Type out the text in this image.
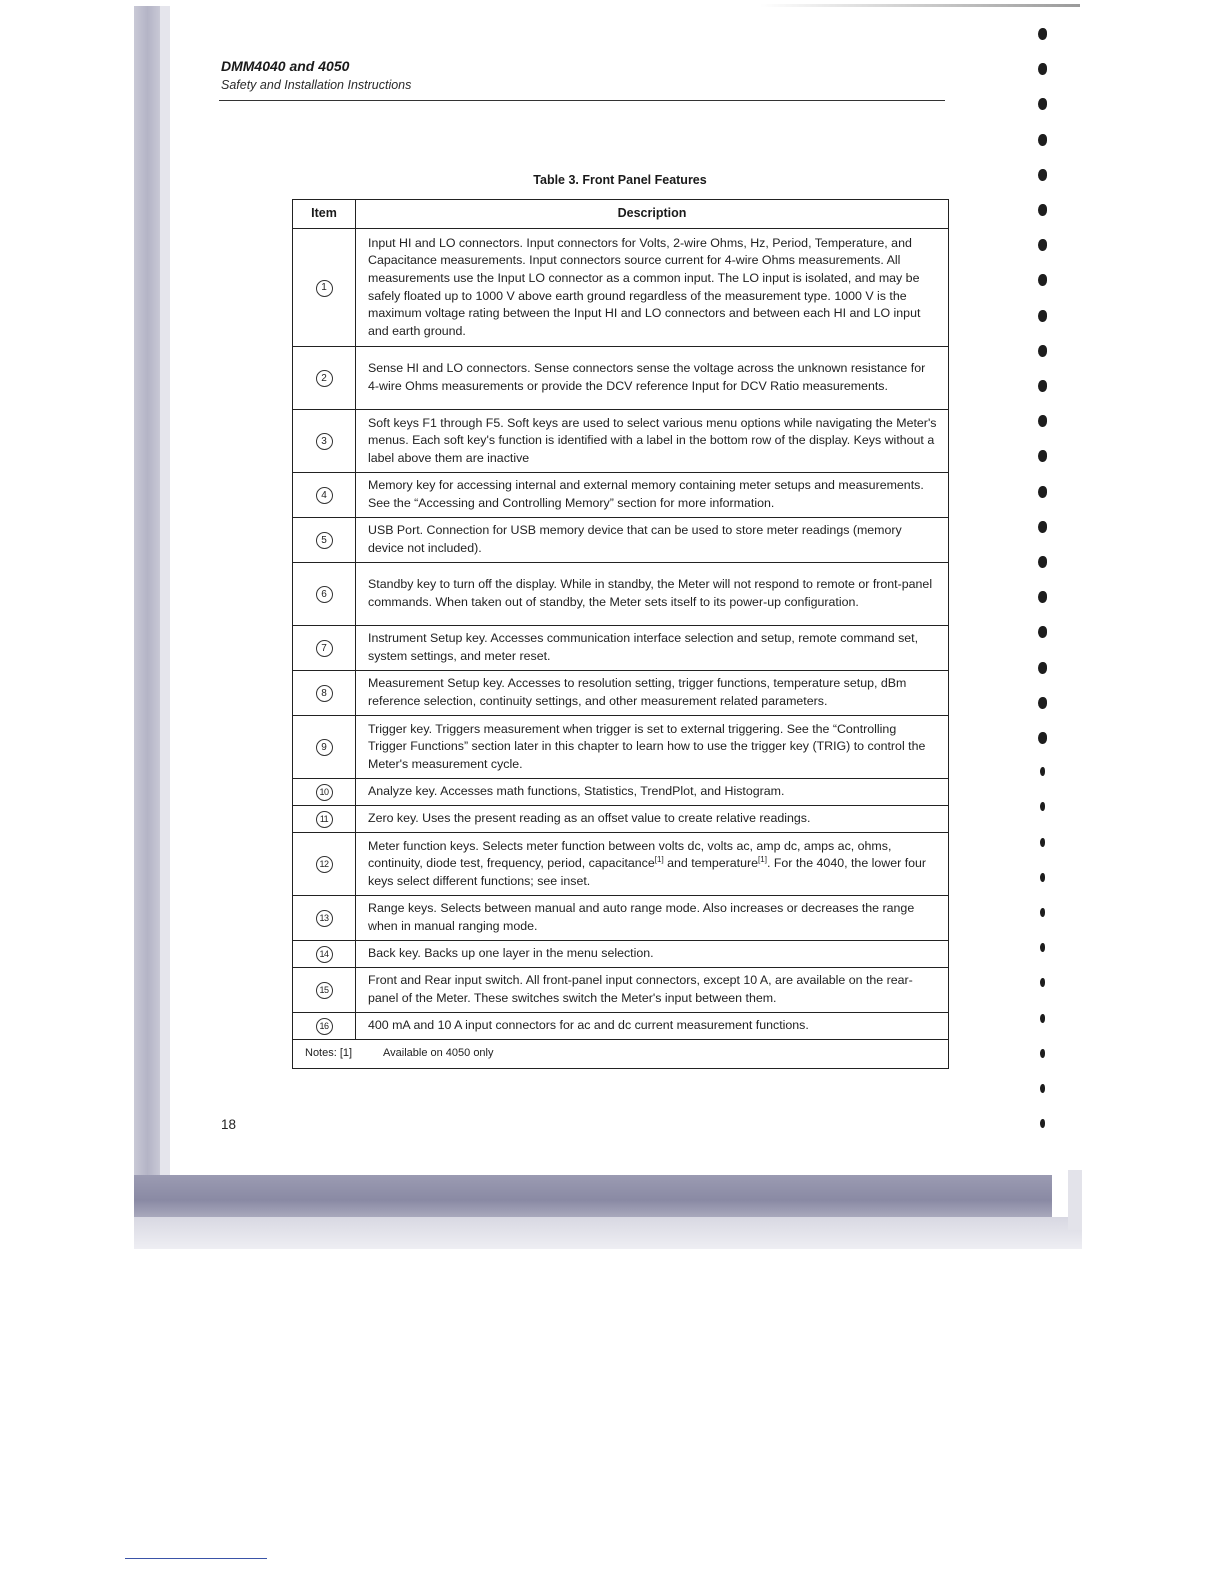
DMM4040 and 4050
Safety and Installation Instructions
Table 3. Front Panel Features
Item	Description
1	Input HI and LO connectors. Input connectors for Volts, 2-wire Ohms, Hz, Period, Temperature, and Capacitance measurements. Input connectors source current for 4-wire Ohms measurements. All measurements use the Input LO connector as a common input. The LO input is isolated, and may be safely floated up to 1000 V above earth ground regardless of the measurement type. 1000 V is the maximum voltage rating between the Input HI and LO connectors and between each HI and LO input and earth ground.
2	Sense HI and LO connectors. Sense connectors sense the voltage across the unknown resistance for 4-wire Ohms measurements or provide the DCV reference Input for DCV Ratio measurements.
3	Soft keys F1 through F5. Soft keys are used to select various menu options while navigating the Meter's menus. Each soft key's function is identified with a label in the bottom row of the display. Keys without a label above them are inactive
4	Memory key for accessing internal and external memory containing meter setups and measurements. See the “Accessing and Controlling Memory” section for more information.
5	USB Port. Connection for USB memory device that can be used to store meter readings (memory device not included).
6	Standby key to turn off the display. While in standby, the Meter will not respond to remote or front-panel commands. When taken out of standby, the Meter sets itself to its power-up configuration.
7	Instrument Setup key. Accesses communication interface selection and setup, remote command set, system settings, and meter reset.
8	Measurement Setup key. Accesses to resolution setting, trigger functions, temperature setup, dBm reference selection, continuity settings, and other measurement related parameters.
9	Trigger key. Triggers measurement when trigger is set to external triggering. See the “Controlling Trigger Functions” section later in this chapter to learn how to use the trigger key (TRIG) to control the Meter's measurement cycle.
10	Analyze key. Accesses math functions, Statistics, TrendPlot, and Histogram.
11	Zero key. Uses the present reading as an offset value to create relative readings.
12	Meter function keys. Selects meter function between volts dc, volts ac, amp dc, amps ac, ohms, continuity, diode test, frequency, period, capacitance[1] and temperature[1]. For the 4040, the lower four keys select different functions; see inset.
13	Range keys. Selects between manual and auto range mode. Also increases or decreases the range when in manual ranging mode.
14	Back key. Backs up one layer in the menu selection.
15	Front and Rear input switch. All front-panel input connectors, except 10 A, are available on the rear-panel of the Meter. These switches switch the Meter's input between them.
16	400 mA and 10 A input connectors for ac and dc current measurement functions.
Notes: [1] Available on 4050 only	
18
